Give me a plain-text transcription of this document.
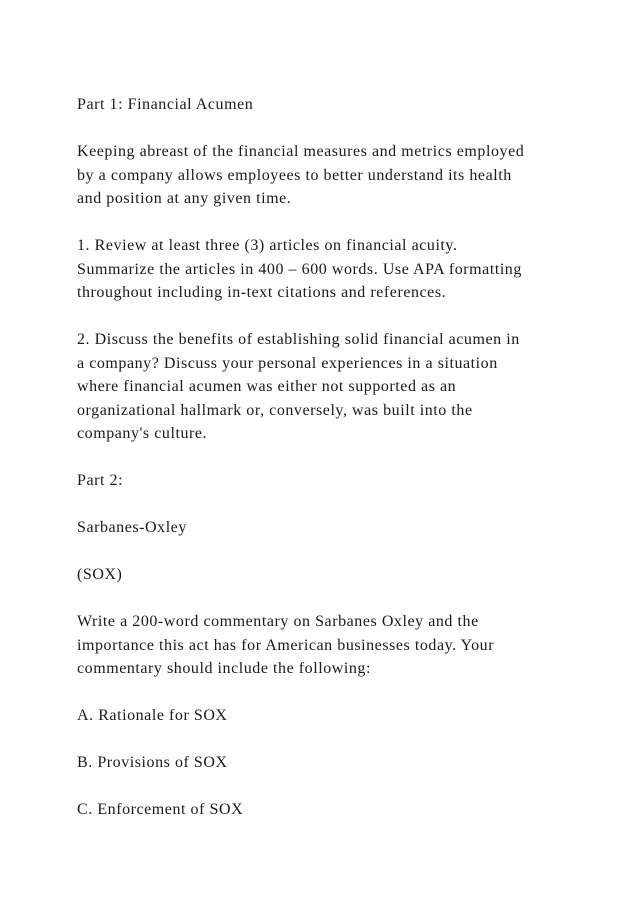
Part 1: Financial Acumen

Keeping abreast of the financial measures and metrics employed
by a company allows employees to better understand its health
and position at any given time.

1. Review at least three (3) articles on financial acuity.
Summarize the articles in 400 – 600 words. Use APA formatting
throughout including in-text citations and references.

2. Discuss the benefits of establishing solid financial acumen in
a company? Discuss your personal experiences in a situation
where financial acumen was either not supported as an
organizational hallmark or, conversely, was built into the
company's culture.

Part 2:

Sarbanes-Oxley

(SOX)

Write a 200-word commentary on Sarbanes Oxley and the
importance this act has for American businesses today. Your
commentary should include the following:

A. Rationale for SOX

B. Provisions of SOX

C. Enforcement of SOX
